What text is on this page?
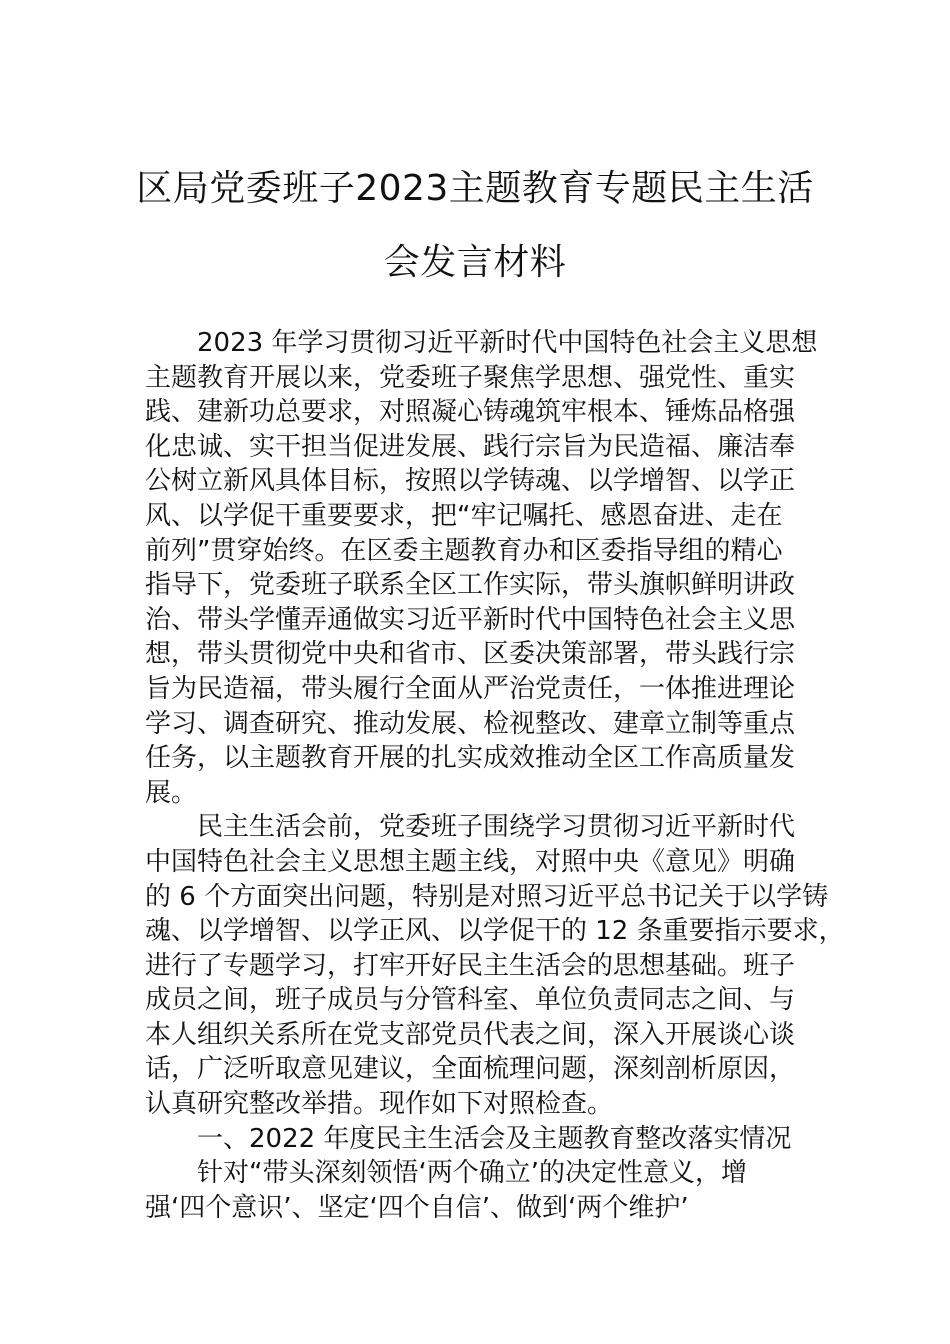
区局党委班子2023主题教育专题民主生活
会发言材料
2023 年学习贯彻习近平新时代中国特色社会主义思想
主题教育开展以来，党委班子聚焦学思想、强党性、重实
践、建新功总要求，对照凝心铸魂筑牢根本、锤炼品格强
化忠诚、实干担当促进发展、践行宗旨为民造福、廉洁奉
公树立新风具体目标，按照以学铸魂、以学增智、以学正
风、以学促干重要要求，把“牢记嘱托、感恩奋进、走在
前列”贯穿始终。在区委主题教育办和区委指导组的精心
指导下，党委班子联系全区工作实际，带头旗帜鲜明讲政
治、带头学懂弄通做实习近平新时代中国特色社会主义思
想，带头贯彻党中央和省市、区委决策部署，带头践行宗
旨为民造福，带头履行全面从严治党责任，一体推进理论
学习、调查研究、推动发展、检视整改、建章立制等重点
任务，以主题教育开展的扎实成效推动全区工作高质量发
展。
民主生活会前，党委班子围绕学习贯彻习近平新时代
中国特色社会主义思想主题主线，对照中央《意见》明确
的 6 个方面突出问题，特别是对照习近平总书记关于以学铸
魂、以学增智、以学正风、以学促干的 12 条重要指示要求，
进行了专题学习，打牢开好民主生活会的思想基础。班子
成员之间，班子成员与分管科室、单位负责同志之间、与
本人组织关系所在党支部党员代表之间，深入开展谈心谈
话，广泛听取意见建议，全面梳理问题，深刻剖析原因，
认真研究整改举措。现作如下对照检查。
一、2022 年度民主生活会及主题教育整改落实情况
针对“带头深刻领悟‘两个确立’的决定性意义，增
强‘四个意识’、坚定‘四个自信’、做到‘两个维护’
